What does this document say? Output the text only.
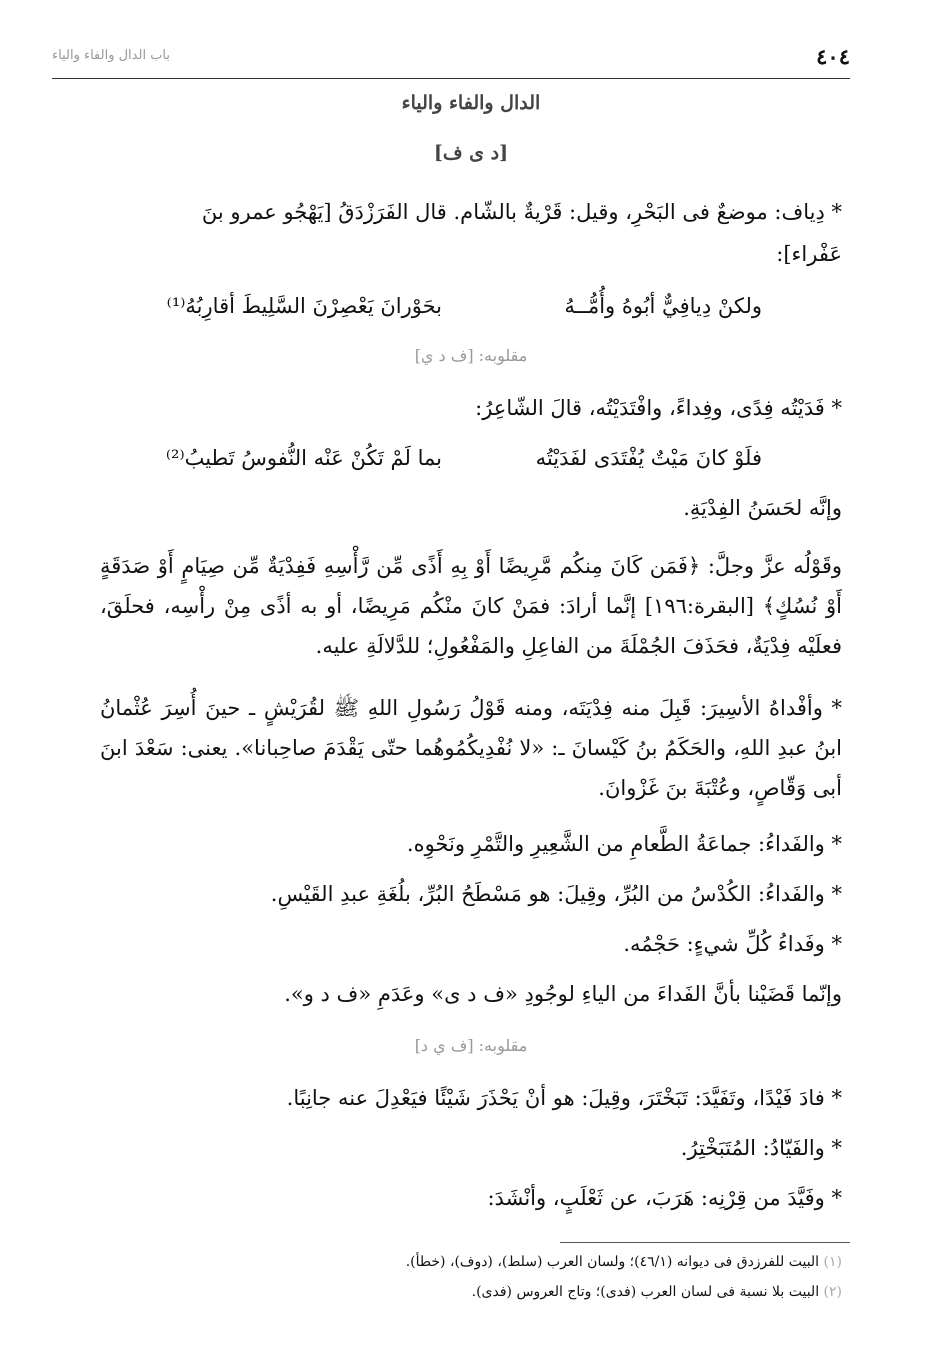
باب الدال والفاء والياء	٤٠٤
الدال والفاء والياء
[د ى ف]
* دِياف: موضعٌ فى البَحْرِ، وقيل: قَرْيةٌ بالشّام. قال الفَرَزْدَقُ [يَهْجُو عمرو بنَ
عَفْراء]:
ولكنْ دِيافِيٌّ أبُوهُ وأُمُّــهُ
بحَوْرانَ يَعْصِرْنَ السَّلِيطَ أقارِبُهُ⁽¹⁾
مقلوبه: [ف د ي]
* فَدَيْتُه فِدًى، وفِداءً، وافْتَدَيْتُه، قالَ الشّاعِرُ:
فلَوْ كانَ مَيْتٌ يُفْتَدَى لفَدَيْتُه
بما لَمْ تَكُنْ عَنْه النُّفوسُ تَطيبُ⁽²⁾
وإنَّه لحَسَنُ الفِدْيَةِ.
وقَوْلُه عزَّ وجلَّ: ﴿فَمَن كَانَ مِنكُم مَّرِيضًا أَوْ بِهِ أَذًى مِّن رَّأْسِهِ فَفِدْيَةٌ مِّن صِيَامٍ أَوْ صَدَقَةٍ أَوْ نُسُكٍ﴾ [البقرة:١٩٦] إنَّما أرادَ: فمَنْ كانَ منْكُم مَرِيضًا، أو به أذًى مِنْ رأْسِه، فحلَقَ، فعلَيْه فِدْيَةٌ، فحَذَفَ الجُمْلَةَ من الفاعِلِ والمَفْعُولِ؛ للدَّلالَةِ عليه.
* وأفْداهُ الأسِيرَ: قَبِلَ منه فِدْيَتَه، ومنه قَوْلُ رَسُولِ اللهِ ﷺ لقُرَيْشٍ ـ حينَ أُسِرَ عُثْمانُ ابنُ عبدِ اللهِ، والحَكَمُ بنُ كَيْسانَ ـ: «لا نُفْدِيكُمُوهُما حتّى يَقْدَمَ صاحِبانا». يعنى: سَعْدَ ابنَ أبى وَقّاصٍ، وعُتْبَةَ بنَ غَزْوانَ.
* والفَداءُ: جماعَةُ الطَّعامِ من الشَّعِيرِ والتَّمْرِ ونَحْوِه.
* والفَداءُ: الكُدْسُ من البُرِّ، وقِيلَ: هو مَسْطَحُ البُرِّ، بلُغَةِ عبدِ القَيْسِ.
* وفَداءُ كُلِّ شيءٍ: حَجْمُه.
وإنّما قَضَيْنا بأنَّ الفَداءَ من الياءِ لوجُودِ «ف د ى» وعَدَمِ «ف د و».
مقلوبه: [ف ي د]
* فادَ فَيْدًا، وتَفَيَّدَ: تَبَخْتَرَ، وقِيلَ: هو أنْ يَحْذَرَ شَيْئًا فيَعْدِلَ عنه جانِبًا.
* والفَيّادُ: المُتَبَخْتِرُ.
* وفَيَّدَ من قِرْنِه: هَرَبَ، عن ثَعْلَبٍ، وأنْشَدَ:
(١) البيت للفرزدق فى ديوانه (٤٦/١)؛ ولسان العرب (سلط)، (دوف)، (خطأ).
(٢) البيت بلا نسبة فى لسان العرب (فدى)؛ وتاج العروس (فدى).
